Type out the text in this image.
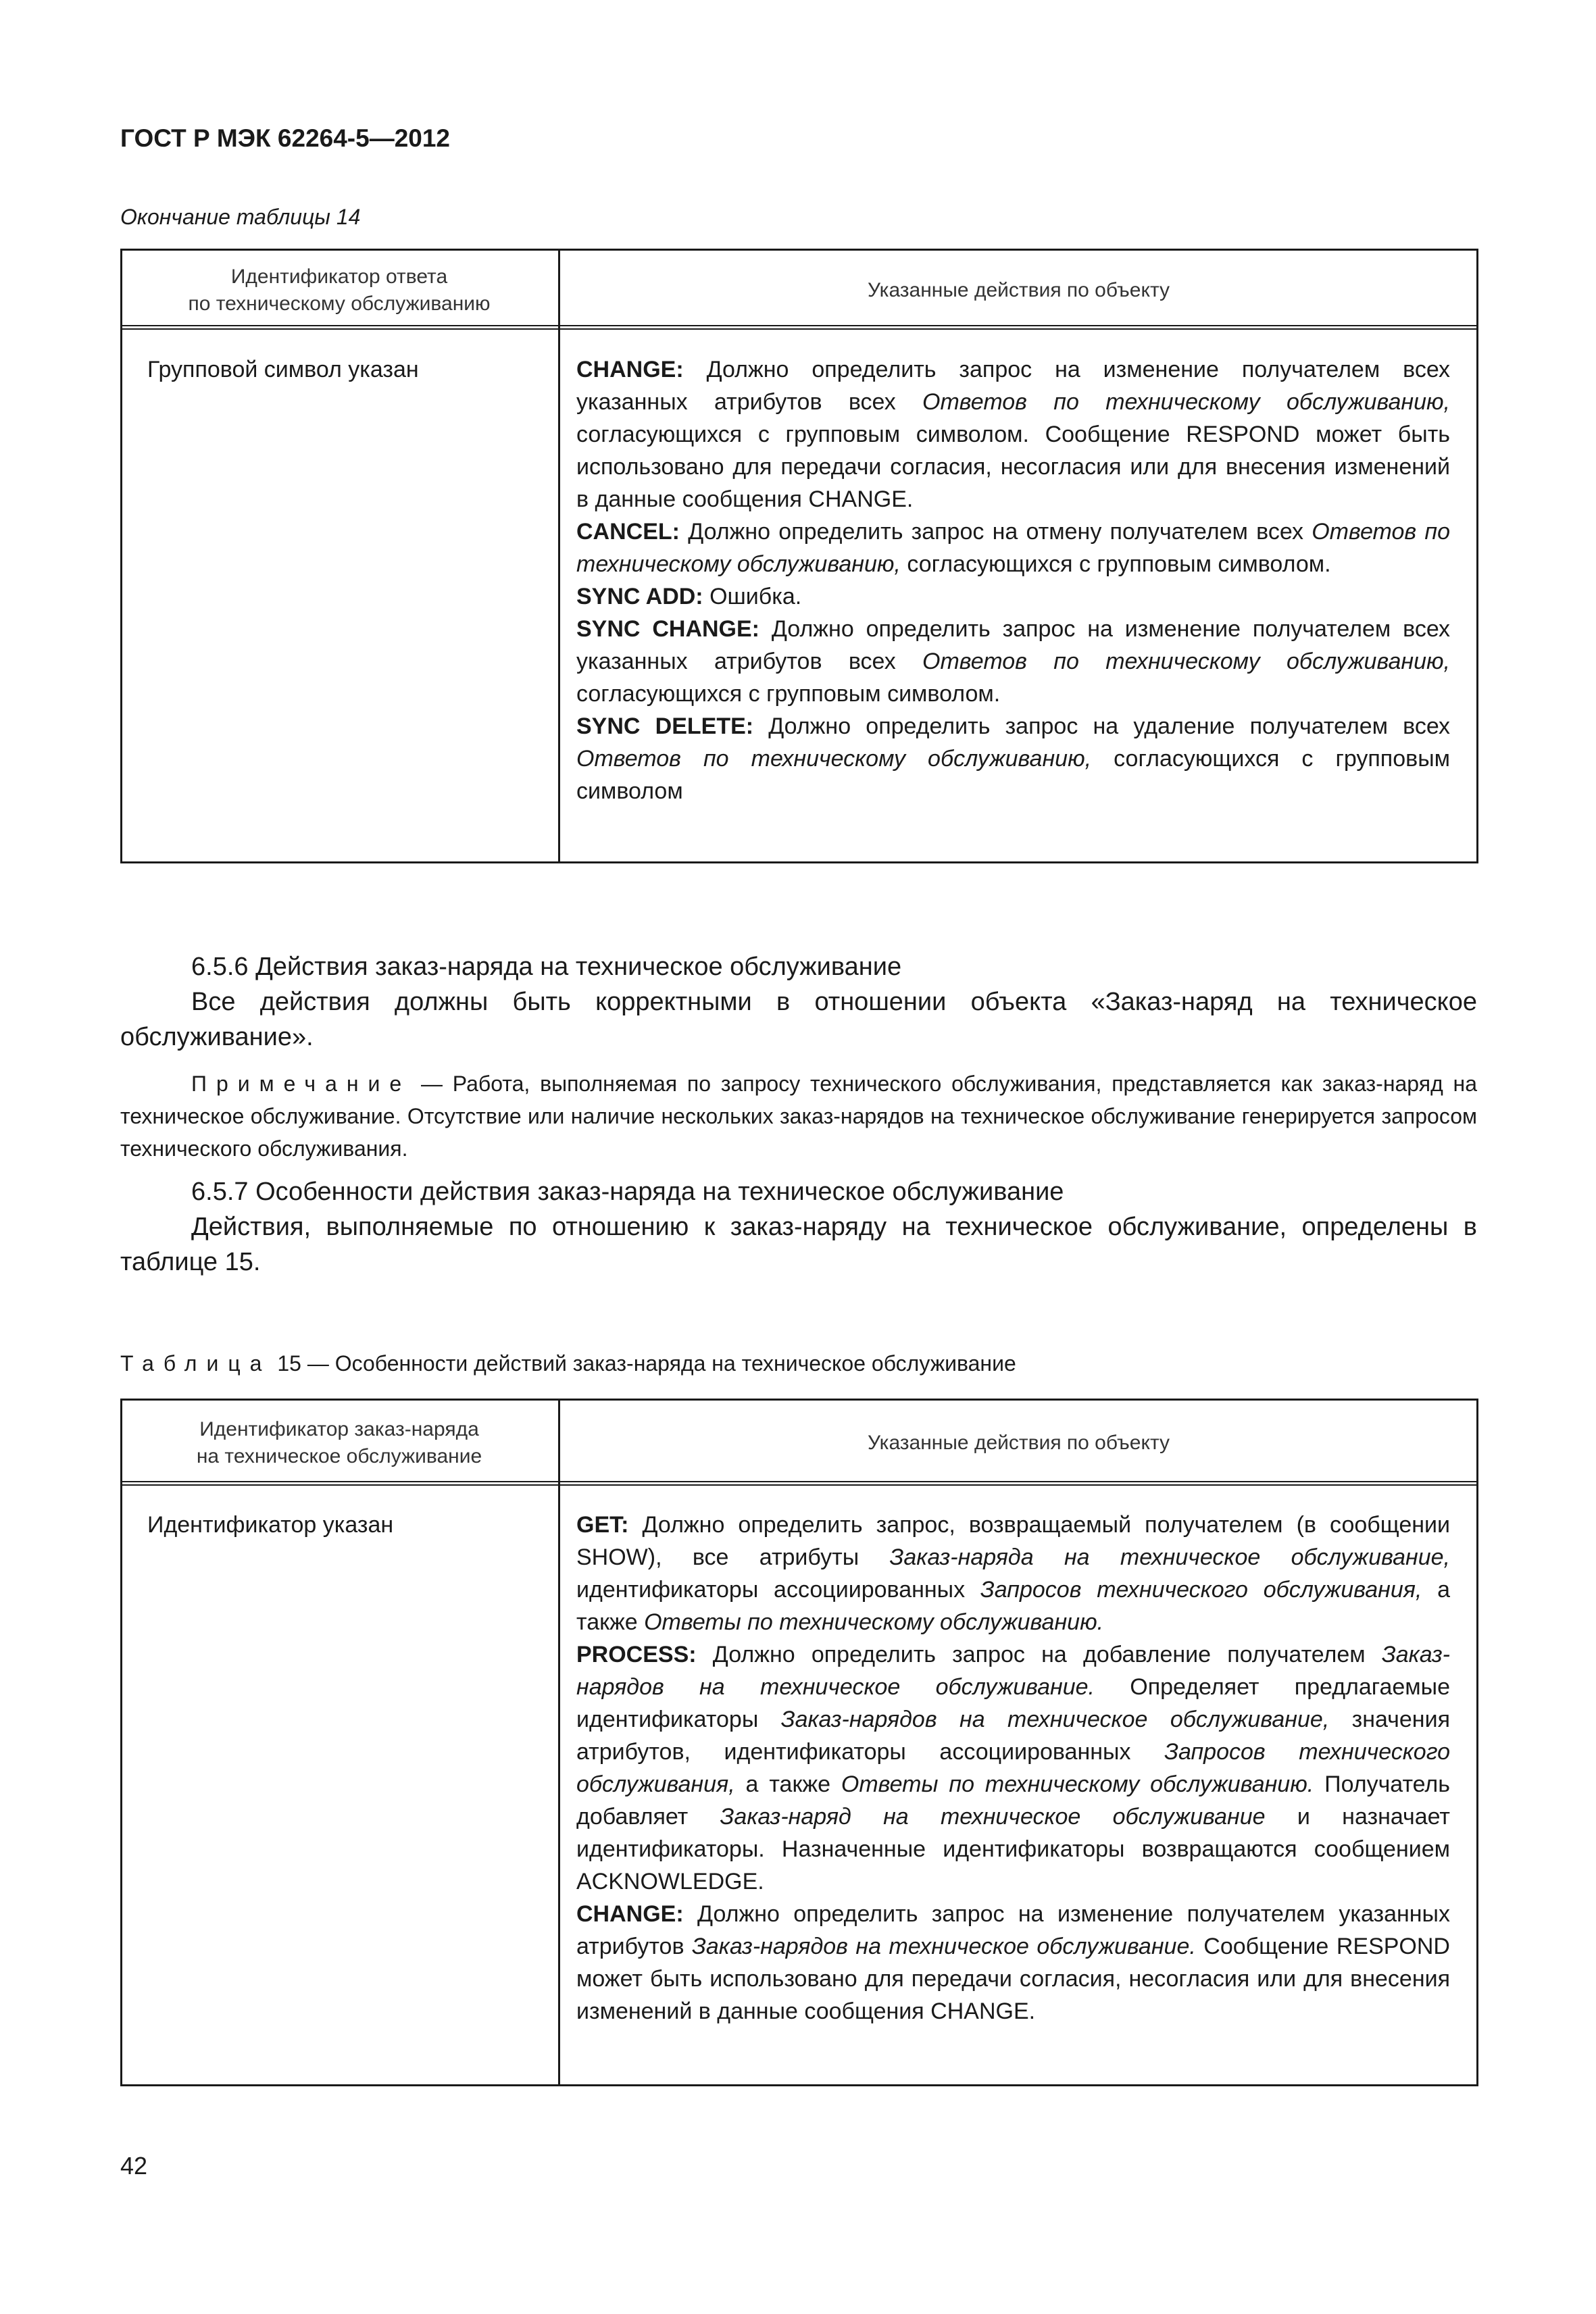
ГОСТ Р МЭК 62264-5—2012
Окончание таблицы 14
Идентификатор ответа
по техническому обслуживанию	Указанные действия по объекту

Групповой символ указан	CHANGE: Должно определить запрос на изменение получателем всех указанных атрибутов всех Ответов по техническому обслуживанию, согласующихся с групповым символом. Сообщение RESPOND может быть использовано для передачи согласия, несогласия или для внесения изменений в данные сообщения CHANGE.

CANCEL: Должно определить запрос на отмену получателем всех Ответов по техническому обслуживанию, согласующихся с групповым символом.

SYNC ADD: Ошибка.

SYNC CHANGE: Должно определить запрос на изменение получателем всех указанных атрибутов всех Ответов по техническому обслуживанию, согласующихся с групповым символом.

SYNC DELETE: Должно определить запрос на удаление получателем всех Ответов по техническому обслуживанию, согласующихся с групповым символом

6.5.6 Действия заказ-наряда на техническое обслуживание

Все действия должны быть корректными в отношении объекта «Заказ-наряд на техническое обслуживание».

Примечание — Работа, выполняемая по запросу технического обслуживания, представляется как заказ-наряд на техническое обслуживание. Отсутствие или наличие нескольких заказ-нарядов на техническое обслуживание генерируется запросом технического обслуживания.

6.5.7 Особенности действия заказ-наряда на техническое обслуживание

Действия, выполняемые по отношению к заказ-наряду на техническое обслуживание, определены в таблице 15.

Таблица 15 — Особенности действий заказ-наряда на техническое обслуживание
Идентификатор заказ-наряда
на техническое обслуживание	Указанные действия по объекту

Идентификатор указан	GET: Должно определить запрос, возвращаемый получателем (в сообщении SHOW), все атрибуты Заказ-наряда на техническое обслуживание, идентификаторы ассоциированных Запросов технического обслуживания, а также Ответы по техническому обслуживанию.

PROCESS: Должно определить запрос на добавление получателем Заказ-нарядов на техническое обслуживание. Определяет предлагаемые идентификаторы Заказ-нарядов на техническое обслуживание, значения атрибутов, идентификаторы ассоциированных Запросов технического обслуживания, а также Ответы по техническому обслуживанию. Получатель добавляет Заказ-наряд на техническое обслуживание и назначает идентификаторы. Назначенные идентификаторы возвращаются сообщением ACKNOWLEDGE.

CHANGE: Должно определить запрос на изменение получателем указанных атрибутов Заказ-нарядов на техническое обслуживание. Сообщение RESPOND может быть использовано для передачи согласия, несогласия или для внесения изменений в данные сообщения CHANGE.

42
